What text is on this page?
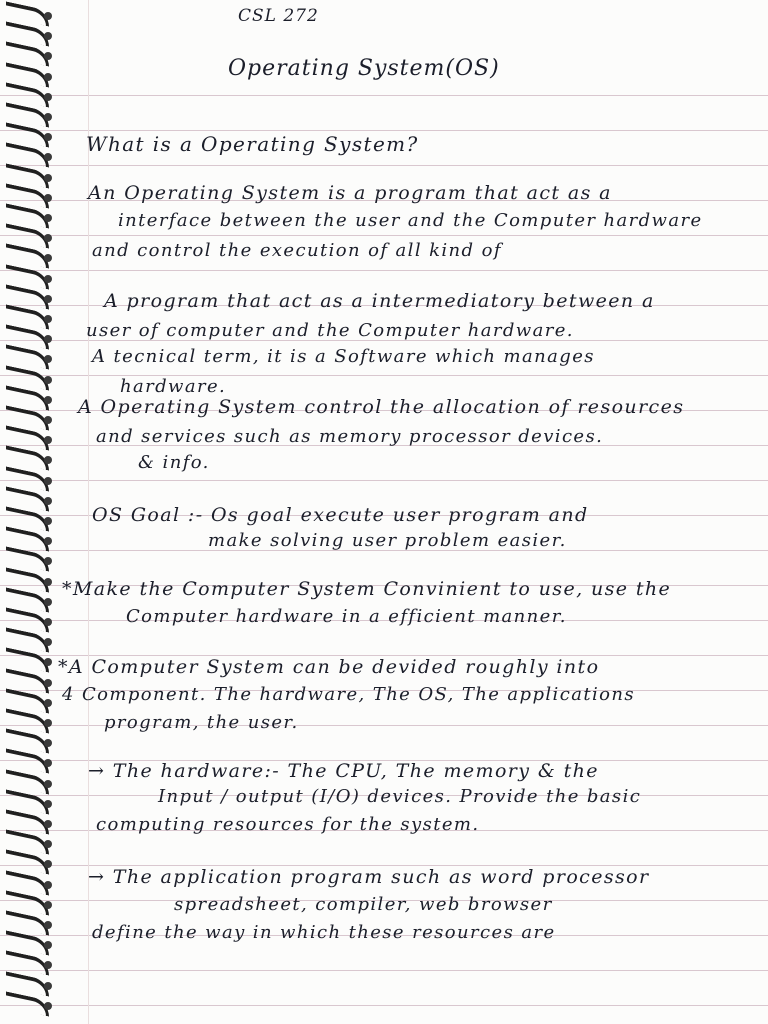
CSL 272
Operating System(OS)
What is a Operating System?
An Operating System is a program that act as a
interface between the user and the Computer hardware
and control the execution of all kind of
A program that act as a intermediatory between a
user of computer and the Computer hardware.
A tecnical term, it is a Software which manages
hardware.
A Operating System control the allocation of resources
and services such as memory processor devices.
& info.
OS Goal :- Os goal execute user program and
make solving user problem easier.
*Make the Computer System Convinient to use, use the
Computer hardware in a efficient manner.
*A Computer System can be devided roughly into
4 Component. The hardware, The OS, The applications
program, the user.
→ The hardware:- The CPU, The memory & the
Input / output (I/O) devices. Provide the basic
computing resources for the system.
→ The application program such as word processor
spreadsheet, compiler, web browser
define the way in which these resources are
